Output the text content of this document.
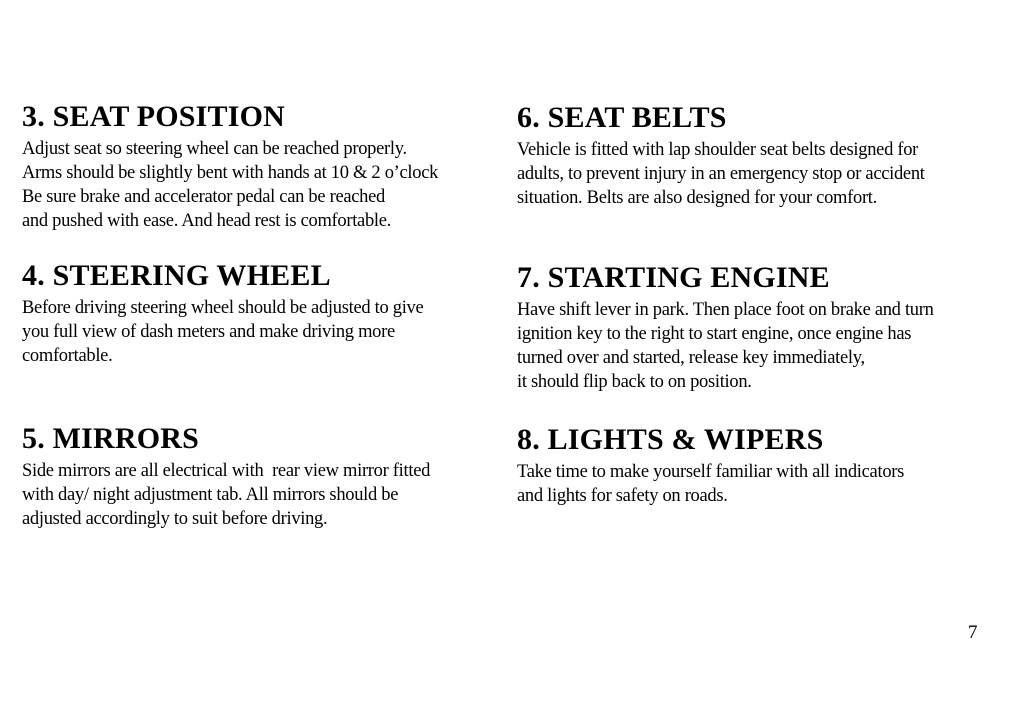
3. SEAT POSITION
Adjust seat so steering wheel can be reached properly.
Arms should be slightly bent with hands at 10 & 2 o’clock
Be sure brake and accelerator pedal can be reached
and pushed with ease. And head rest is comfortable.
4. STEERING WHEEL
Before driving steering wheel should be adjusted to give
you full view of dash meters and make driving more
comfortable.
5. MIRRORS
Side mirrors are all electrical with  rear view mirror fitted
with day/ night adjustment tab. All mirrors should be
adjusted accordingly to suit before driving.
6. SEAT BELTS
Vehicle is fitted with lap shoulder seat belts designed for
adults, to prevent injury in an emergency stop or accident
situation. Belts are also designed for your comfort.
7. STARTING ENGINE
Have shift lever in park. Then place foot on brake and turn
ignition key to the right to start engine, once engine has
turned over and started, release key immediately,
it should flip back to on position.
8. LIGHTS & WIPERS
Take time to make yourself familiar with all indicators
and lights for safety on roads.
7
